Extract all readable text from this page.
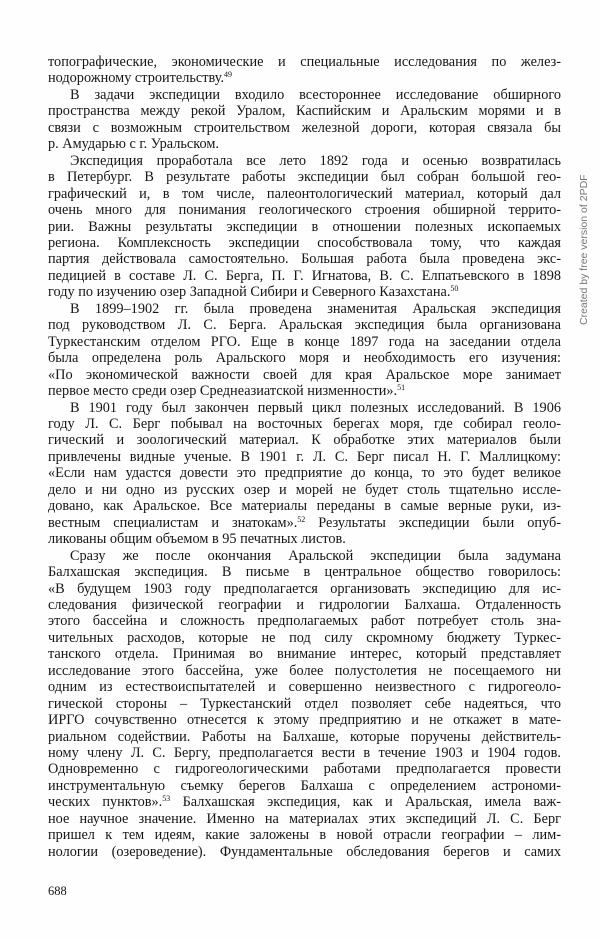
топографические, экономические и специальные исследования по желез-
нодорожному строительству.$^{49}$
В задачи экспедиции входило всестороннее исследование обширного
пространства между рекой Уралом, Каспийским и Аральским морями и в
связи с возможным строительством железной дороги, которая связала бы
р. Амударью с г. Уральском.
Экспедиция проработала все лето 1892 года и осенью возвратилась
в Петербург. В результате работы экспедиции был собран большой гео-
графический и, в том числе, палеонтологический материал, который дал
очень много для понимания геологического строения обширной террито-
рии. Важны результаты экспедиции в отношении полезных ископаемых
региона. Комплексность экспедиции способствовала тому, что каждая
партия действовала самостоятельно. Большая работа была проведена экс-
педицией в составе Л. С. Берга, П. Г. Игнатова, В. С. Елпатьевского в 1898
году по изучению озер Западной Сибири и Северного Казахстана.$^{50}$
В 1899–1902 гг. была проведена знаменитая Аральская экспедиция
под руководством Л. С. Берга. Аральская экспедиция была организована
Туркестанским отделом РГО. Еще в конце 1897 года на заседании отдела
была определена роль Аральского моря и необходимость его изучения:
«По экономической важности своей для края Аральское море занимает
первое место среди озер Среднеазиатской низменности».$^{51}$
В 1901 году был закончен первый цикл полезных исследований. В 1906
году Л. С. Берг побывал на восточных берегах моря, где собирал геоло-
гический и зоологический материал. К обработке этих материалов были
привлечены видные ученые. В 1901 г. Л. С. Берг писал Н. Г. Маллицкому:
«Если нам удастся довести это предприятие до конца, то это будет великое
дело и ни одно из русских озер и морей не будет столь тщательно иссле-
довано, как Аральское. Все материалы переданы в самые верные руки, из-
вестным специалистам и знатокам».$^{52}$ Результаты экспедиции были опуб-
ликованы общим объемом в 95 печатных листов.
Сразу же после окончания Аральской экспедиции была задумана
Балхашская экспедиция. В письме в центральное общество говорилось:
«В будущем 1903 году предполагается организовать экспедицию для ис-
следования физической географии и гидрологии Балхаша. Отдаленность
этого бассейна и сложность предполагаемых работ потребует столь зна-
чительных расходов, которые не под силу скромному бюджету Туркес-
танского отдела. Принимая во внимание интерес, который представляет
исследование этого бассейна, уже более полустолетия не посещаемого ни
одним из естествоиспытателей и совершенно неизвестного с гидрогеоло-
гической стороны – Туркестанский отдел позволяет себе надеяться, что
ИРГО сочувственно отнесется к этому предприятию и не откажет в мате-
риальном содействии. Работы на Балхаше, которые поручены действитель-
ному члену Л. С. Бергу, предполагается вести в течение 1903 и 1904 годов.
Одновременно с гидрогеологическими работами предполагается провести
инструментальную съемку берегов Балхаша с определением астрономи-
ческих пунктов».$^{53}$ Балхашская экспедиция, как и Аральская, имела важ-
ное научное значение. Именно на материалах этих экспедиций Л. С. Берг
пришел к тем идеям, какие заложены в новой отрасли географии – лим-
нологии (озероведение). Фундаментальные обследования берегов и самих
688
Created by free version of 2PDF
